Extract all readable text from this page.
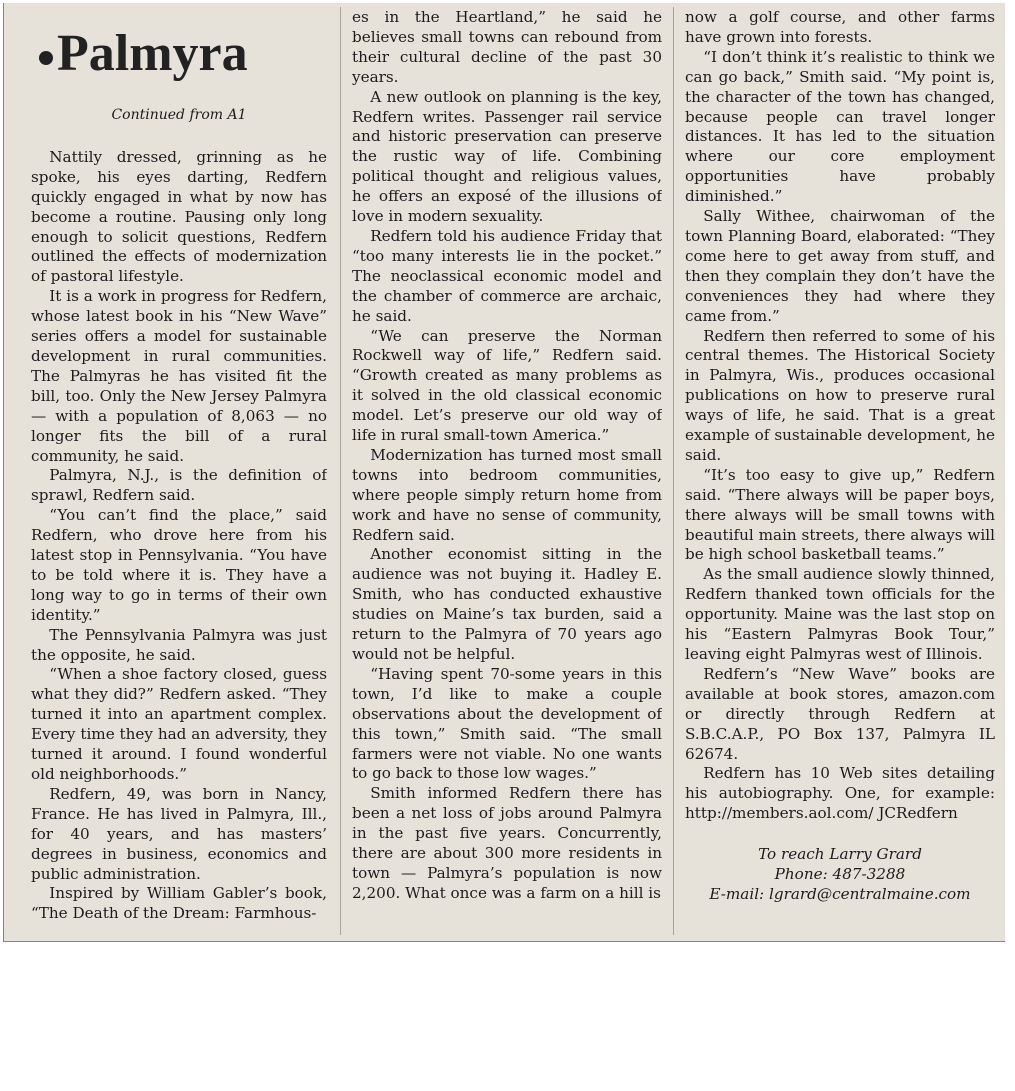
Palmyra
Continued from A1

Nattily dressed, grinning as he spoke, his eyes darting, Redfern quickly engaged in what by now has become a routine. Pausing only long enough to solicit questions, Redfern outlined the effects of modernization of pastoral lifestyle.

It is a work in progress for Redfern, whose latest book in his “New Wave” series offers a model for sustainable development in rural communities. The Palmyras he has visited fit the bill, too. Only the New Jersey Palmyra — with a population of 8,063 — no longer fits the bill of a rural community, he said.

Palmyra, N.J., is the definition of sprawl, Redfern said.

“You can’t find the place,” said Redfern, who drove here from his latest stop in Pennsylvania. “You have to be told where it is. They have a long way to go in terms of their own identity.”

The Pennsylvania Palmyra was just the opposite, he said.

“When a shoe factory closed, guess what they did?” Redfern asked. “They turned it into an apartment complex. Every time they had an adversity, they turned it around. I found wonderful old neighborhoods.”

Redfern, 49, was born in Nancy, France. He has lived in Palmyra, Ill., for 40 years, and has masters’ degrees in business, economics and public administration.

Inspired by William Gabler’s book, “The Death of the Dream: Farmhous-

es in the Heartland,” he said he believes small towns can rebound from their cultural decline of the past 30 years.

A new outlook on planning is the key, Redfern writes. Passenger rail service and historic preservation can preserve the rustic way of life. Combining political thought and religious values, he offers an exposé of the illusions of love in modern sexuality.

Redfern told his audience Friday that “too many interests lie in the pocket.” The neoclassical economic model and the chamber of commerce are archaic, he said.

“We can preserve the Norman Rockwell way of life,” Redfern said. “Growth created as many problems as it solved in the old classical economic model. Let’s preserve our old way of life in rural small-town America.”

Modernization has turned most small towns into bedroom communities, where people simply return home from work and have no sense of community, Redfern said.

Another economist sitting in the audience was not buying it. Hadley E. Smith, who has conducted exhaustive studies on Maine’s tax burden, said a return to the Palmyra of 70 years ago would not be helpful.

“Having spent 70-some years in this town, I’d like to make a couple observations about the development of this town,” Smith said. “The small farmers were not viable. No one wants to go back to those low wages.”

Smith informed Redfern there has been a net loss of jobs around Palmyra in the past five years. Concurrently, there are about 300 more residents in town — Palmyra’s population is now 2,200. What once was a farm on a hill is

now a golf course, and other farms have grown into forests.

“I don’t think it’s realistic to think we can go back,” Smith said. “My point is, the character of the town has changed, because people can travel longer distances. It has led to the situation where our core employment opportunities have probably diminished.”

Sally Withee, chairwoman of the town Planning Board, elaborated: “They come here to get away from stuff, and then they complain they don’t have the conveniences they had where they came from.”

Redfern then referred to some of his central themes. The Historical Society in Palmyra, Wis., produces occasional publications on how to preserve rural ways of life, he said. That is a great example of sustainable development, he said.

“It’s too easy to give up,” Redfern said. “There always will be paper boys, there always will be small towns with beautiful main streets, there always will be high school basketball teams.”

As the small audience slowly thinned, Redfern thanked town officials for the opportunity. Maine was the last stop on his “Eastern Palmyras Book Tour,” leaving eight Palmyras west of Illinois.

Redfern’s “New Wave” books are available at book stores, amazon.com or directly through Redfern at S.B.C.A.P., PO Box 137, Palmyra IL 62674.

Redfern has 10 Web sites detailing his autobiography. One, for example: http://members.aol.com/ JCRedfern

To reach Larry Grard
Phone: 487-3288
E-mail: lgrard@centralmaine.com
